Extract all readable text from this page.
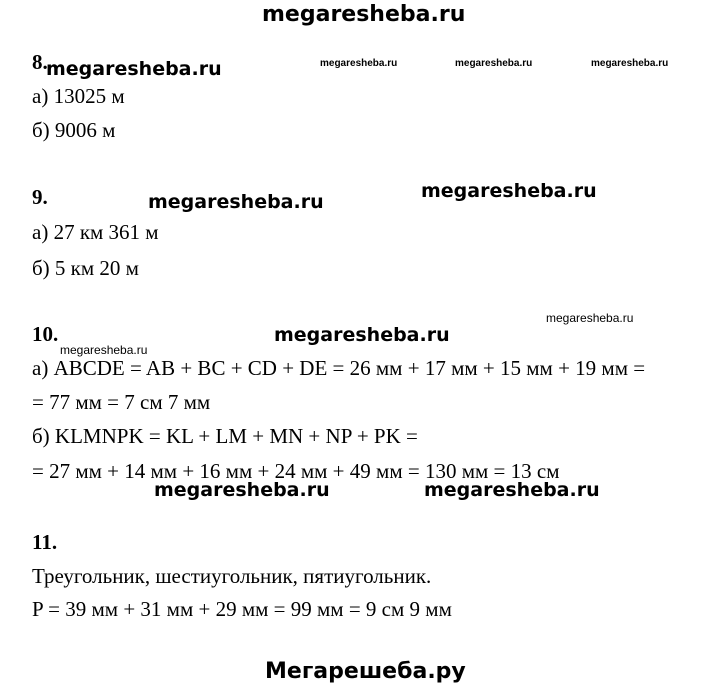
megaresheba.ru
8.
megaresheba.ru	megaresheba.ru	megaresheba.ru	megaresheba.ru
а) 13025 м
б) 9006 м
9.	megaresheba.ru	megaresheba.ru
а) 27 км 361 м
б) 5 км 20 м
10.	megaresheba.ru
megaresheba.ru
megaresheba.ru
а) ABCDE = AB + BC + CD + DE = 26 мм + 17 мм + 15 мм + 19 мм =
= 77 мм = 7 см 7 мм
б) KLMNPK = KL + LM + MN + NP + PK =
= 27 мм + 14 мм + 16 мм + 24 мм + 49 мм = 130 мм = 13 см
megaresheba.ru	megaresheba.ru
11.
Треугольник, шестиугольник, пятиугольник.
P = 39 мм + 31 мм + 29 мм = 99 мм = 9 см 9 мм
Мегарешеба.ру
